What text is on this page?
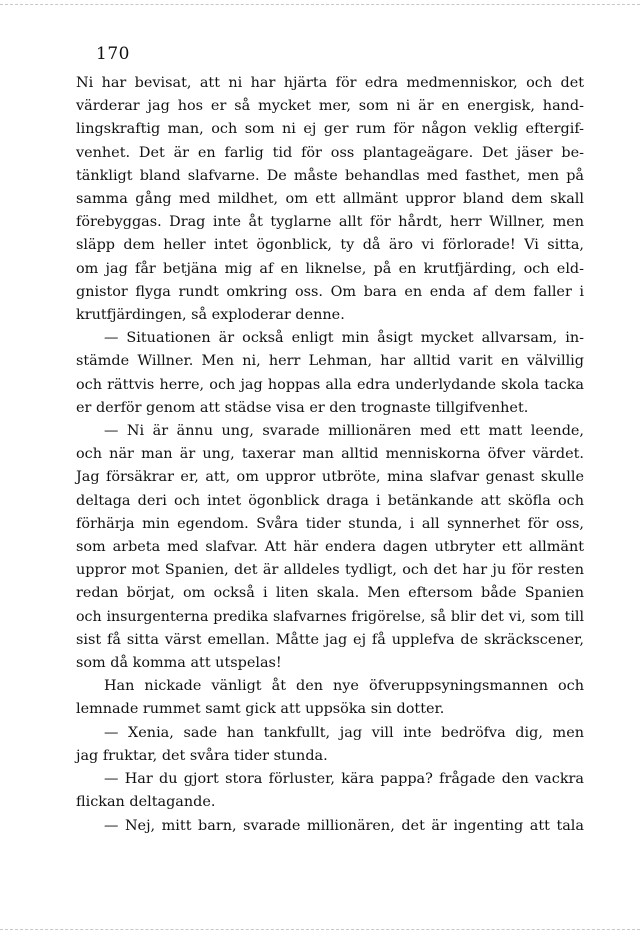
170
Ni har bevisat, att ni har hjärta för edra medmenniskor, och det
värderar jag hos er så mycket mer, som ni är en energisk, hand-
lingskraftig man, och som ni ej ger rum för någon veklig eftergif-
venhet. Det är en farlig tid för oss plantageägare. Det jäser be-
tänkligt bland slafvarne. De måste behandlas med fasthet, men på
samma gång med mildhet, om ett allmänt uppror bland dem skall
förebyggas. Drag inte åt tyglarne allt för hårdt, herr Willner, men
släpp dem heller intet ögonblick, ty då äro vi förlorade! Vi sitta,
om jag får betjäna mig af en liknelse, på en krutfjärding, och eld-
gnistor flyga rundt omkring oss. Om bara en enda af dem faller i
krutfjärdingen, så exploderar denne.
— Situationen är också enligt min åsigt mycket allvarsam, in-
stämde Willner. Men ni, herr Lehman, har alltid varit en välvillig
och rättvis herre, och jag hoppas alla edra underlydande skola tacka
er derför genom att städse visa er den trognaste tillgifvenhet.
— Ni är ännu ung, svarade millionären med ett matt leende,
och när man är ung, taxerar man alltid menniskorna öfver värdet.
Jag försäkrar er, att, om uppror utbröte, mina slafvar genast skulle
deltaga deri och intet ögonblick draga i betänkande att sköfla och
förhärja min egendom. Svåra tider stunda, i all synnerhet för oss,
som arbeta med slafvar. Att här endera dagen utbryter ett allmänt
uppror mot Spanien, det är alldeles tydligt, och det har ju för resten
redan börjat, om också i liten skala. Men eftersom både Spanien
och insurgenterna predika slafvarnes frigörelse, så blir det vi, som till
sist få sitta värst emellan. Måtte jag ej få upplefva de skräckscener,
som då komma att utspelas!
Han nickade vänligt åt den nye öfveruppsyningsmannen och
lemnade rummet samt gick att uppsöka sin dotter.
— Xenia, sade han tankfullt, jag vill inte bedröfva dig, men
jag fruktar, det svåra tider stunda.
— Har du gjort stora förluster, kära pappa? frågade den vackra
flickan deltagande.
— Nej, mitt barn, svarade millionären, det är ingenting att tala
